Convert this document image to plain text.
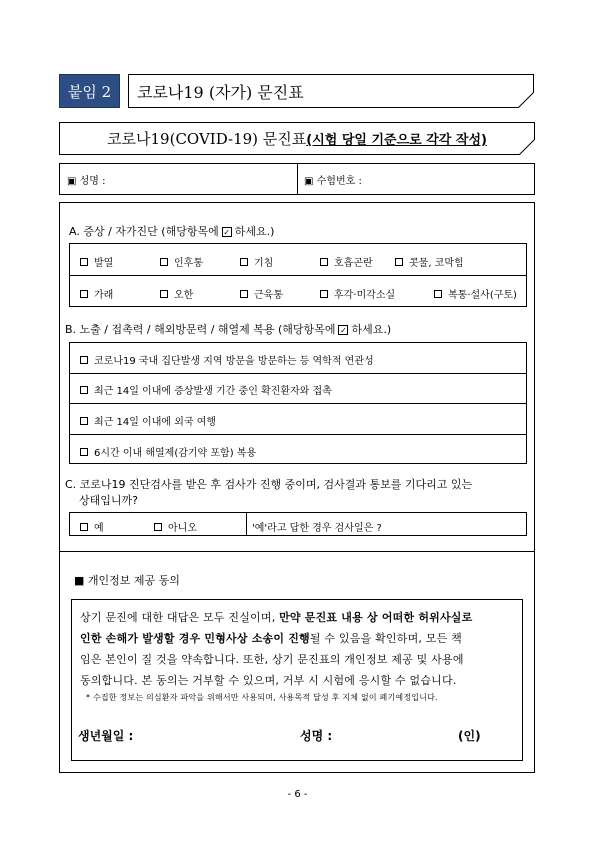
붙임 2	코로나19 (자가) 문진표
코로나19(COVID-19) 문진표 (시험 당일 기준으로 각각 작성)
▣ 성명 :	▣ 수험번호 :
A. 증상 / 자가진단 (해당항목에 ✓ 하세요.)
발열	인후통	기침	호흡곤란	콧물, 코막힘
가래	오한	근육통	후각·미각소실	복통·설사(구토)
B. 노출 / 접촉력 / 해외방문력 / 해열제 복용 (해당항목에 ✓ 하세요.)
코로나19 국내 집단발생 지역 방문을 방문하는 등 역학적 연관성
최근 14일 이내에 증상발생 기간 중인 확진환자와 접촉
최근 14일 이내에 외국 여행
6시간 이내 해열제(감기약 포함) 복용
C. 코로나19 진단검사를 받은 후 검사가 진행 중이며, 검사결과 통보를 기다리고 있는
상태입니까?
예	아니오	'예'라고 답한 경우 검사일은 ?
■ 개인정보 제공 동의
상기 문진에 대한 대답은 모두 진실이며, 만약 문진표 내용 상 어떠한 허위사실로
인한 손해가 발생할 경우 민형사상 소송이 진행될 수 있음을 확인하며, 모든 책
임은 본인이 질 것을 약속합니다. 또한, 상기 문진표의 개인정보 제공 및 사용에
동의합니다. 본 동의는 거부할 수 있으며, 거부 시 시험에 응시할 수 없습니다.
* 수집한 정보는 의심환자 파악을 위해서만 사용되며, 사용목적 달성 후 지체 없이 폐기예정입니다.
생년월일 :	성명 :	(인)
- 6 -
